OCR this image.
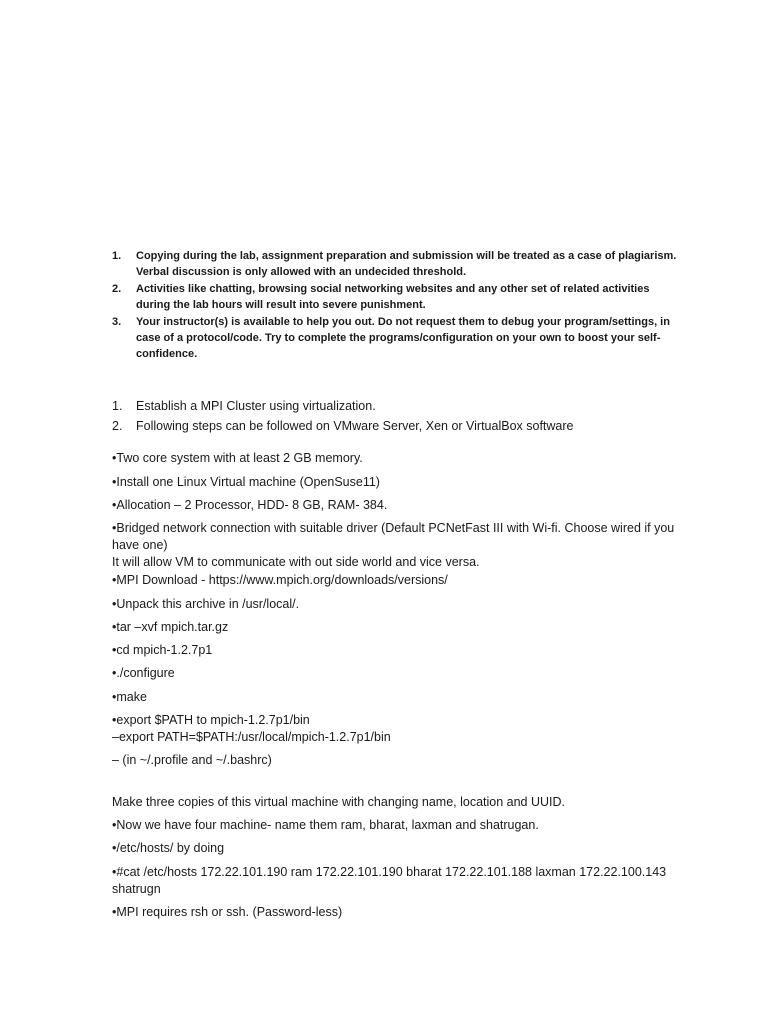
1.	Copying during the lab, assignment preparation and submission will be treated as a case of plagiarism. Verbal discussion is only allowed with an undecided threshold.
2.	Activities like chatting, browsing social networking websites and any other set of related activities during the lab hours will result into severe punishment.
3.	Your instructor(s) is available to help you out. Do not request them to debug your program/settings, in case of a protocol/code. Try to complete the programs/configuration on your own to boost your self-confidence.
1.	Establish a MPI Cluster using virtualization.
2.	Following steps can be followed on VMware Server, Xen or VirtualBox software
•Two core system with at least 2 GB memory.
•Install one Linux Virtual machine (OpenSuse11)
•Allocation – 2 Processor, HDD- 8 GB, RAM- 384.
•Bridged network connection with suitable driver (Default PCNetFast III with Wi-fi. Choose wired if you have one)
It will allow VM to communicate with out side world and vice versa.
•MPI Download - https://www.mpich.org/downloads/versions/
•Unpack this archive in /usr/local/.
•tar –xvf mpich.tar.gz
•cd mpich-1.2.7p1
•./configure
•make
•export $PATH to mpich-1.2.7p1/bin
–export PATH=$PATH:/usr/local/mpich-1.2.7p1/bin
– (in ~/.profile and ~/.bashrc)
Make three copies of this virtual machine with changing name, location and UUID.
•Now we have four machine- name them ram, bharat, laxman and shatrugan.
•/etc/hosts/ by doing
•#cat /etc/hosts 172.22.101.190 ram 172.22.101.190 bharat 172.22.101.188 laxman 172.22.100.143 shatrugn
•MPI requires rsh or ssh. (Password-less)
